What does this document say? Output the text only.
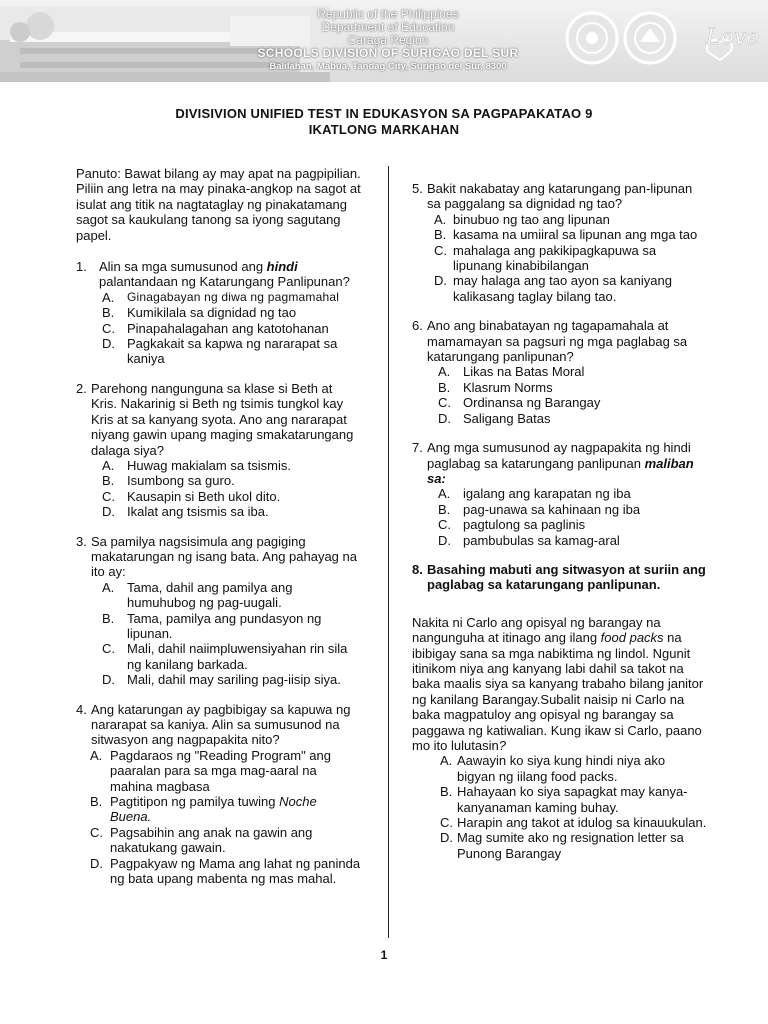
Republic of the Philippines
Department of Education
Caraga Region
SCHOOLS DIVISION OF SURIGAO DEL SUR
Balilahan, Mabua, Tandag City, Surigao del Sur, 8300
Love
DIVISIVION UNIFIED TEST IN EDUKASYON SA PAGPAPAKATAO 9
IKATLONG MARKAHAN

Panuto: Bawat bilang ay may apat na pagpipilian. Piliin ang letra na may pinaka-angkop na sagot at isulat ang titik na nagtataglay ng pinakatamang sagot sa kaukulang tanong sa iyong sagutang papel.

1. Alin sa mga sumusunod ang hindi palantandaan ng Katarungang Panlipunan?
A.	Ginagabayan ng diwa ng pagmamahal
B. Kumikilala sa dignidad ng tao
C. Pinapahalagahan ang katotohanan
D. Pagkakait sa kapwa ng nararapat sa kaniya
2. Parehong nangunguna sa klase si Beth at Kris. Nakarinig si Beth ng tsimis tungkol kay Kris at sa kanyang syota. Ano ang nararapat niyang gawin upang maging smakatarungang dalaga siya?
A. Huwag makialam sa tsismis.
B. Isumbong sa guro.
C. Kausapin si Beth ukol dito.
D. Ikalat ang tsismis sa iba.
3. Sa pamilya nagsisimula ang pagiging makatarungan ng isang bata. Ang pahayag na ito ay:
A. Tama, dahil ang pamilya ang humuhubog ng pag-uugali.
B. Tama, pamilya ang pundasyon ng lipunan.
C. Mali, dahil naiimpluwensiyahan rin sila ng kanilang barkada.
D. Mali, dahil may sariling pag-iisip siya.
4. Ang katarungan ay pagbibigay sa kapuwa ng nararapat sa kaniya. Alin sa sumusunod na sitwasyon ang nagpapakita nito?
A. Pagdaraos ng "Reading Program" ang paaralan para sa mga mag-aaral na mahina magbasa
B. Pagtitipon ng pamilya tuwing Noche Buena.
C. Pagsabihin ang anak na gawin ang nakatukang gawain.
D. Pagpakyaw ng Mama ang lahat ng paninda ng bata upang mabenta ng mas mahal.
5. Bakit nakabatay ang katarungang pan-lipunan sa paggalang sa dignidad ng tao?
A. binubuo ng tao ang lipunan
B. kasama na umiiral sa lipunan ang mga tao
C. mahalaga ang pakikipagkapuwa sa lipunang kinabibilangan
D. may halaga ang tao ayon sa kaniyang kalikasang taglay bilang tao.
6. Ano ang binabatayan ng tagapamahala at mamamayan sa pagsuri ng mga paglabag sa katarungang panlipunan?
A. Likas na Batas Moral
B. Klasrum Norms
C. Ordinansa ng Barangay
D. Saligang Batas
7. Ang mga sumusunod ay nagpapakita ng hindi paglabag sa katarungang panlipunan maliban sa:
A. igalang ang karapatan ng iba
B. pag-unawa sa kahinaan ng iba
C. pagtulong sa paglinis
D. pambubulas sa kamag-aral
8. Basahing mabuti ang sitwasyon at suriin ang paglabag sa katarungang panlipunan.

Nakita ni Carlo ang opisyal ng barangay na nangunguha at itinago ang ilang food packs na ibibigay sana sa mga nabiktima ng lindol. Ngunit itinikom niya ang kanyang labi dahil sa takot na baka maalis siya sa kanyang trabaho bilang janitor ng kanilang Barangay.Subalit naisip ni Carlo na baka magpatuloy ang opisyal ng barangay sa paggawa ng katiwalian. Kung ikaw si Carlo, paano mo ito lulutasin?

A. Aawayin ko siya kung hindi niya ako bigyan ng iilang food packs.
B. Hahayaan ko siya sapagkat may kanya- kanyanaman kaming buhay.
C. Harapin ang takot at idulog sa kinauukulan.
D. Mag sumite ako ng resignation letter sa Punong Barangay
1
